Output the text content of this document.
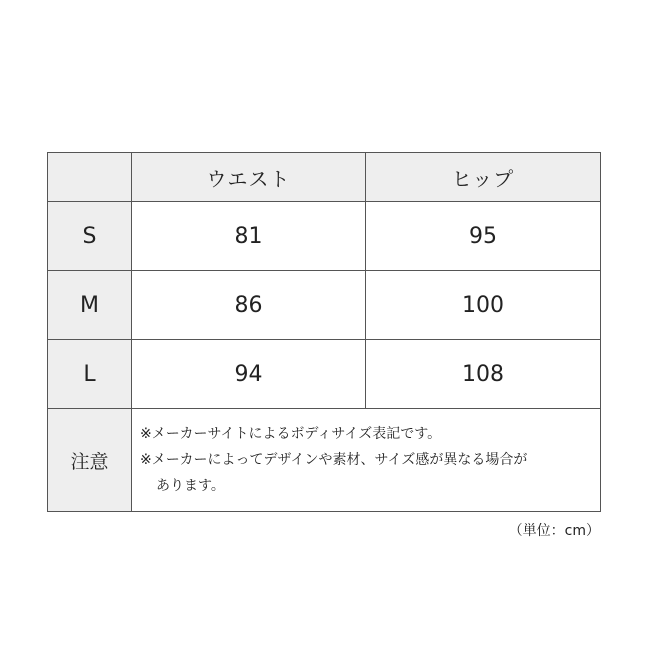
	ウエスト	ヒップ
S	81	95
M	86	100
L	94	108
注意	※メーカーサイトによるボディサイズ表記です。
※メーカーによってデザインや素材、サイズ感が異なる場合が
あります。	
（単位：cm）
